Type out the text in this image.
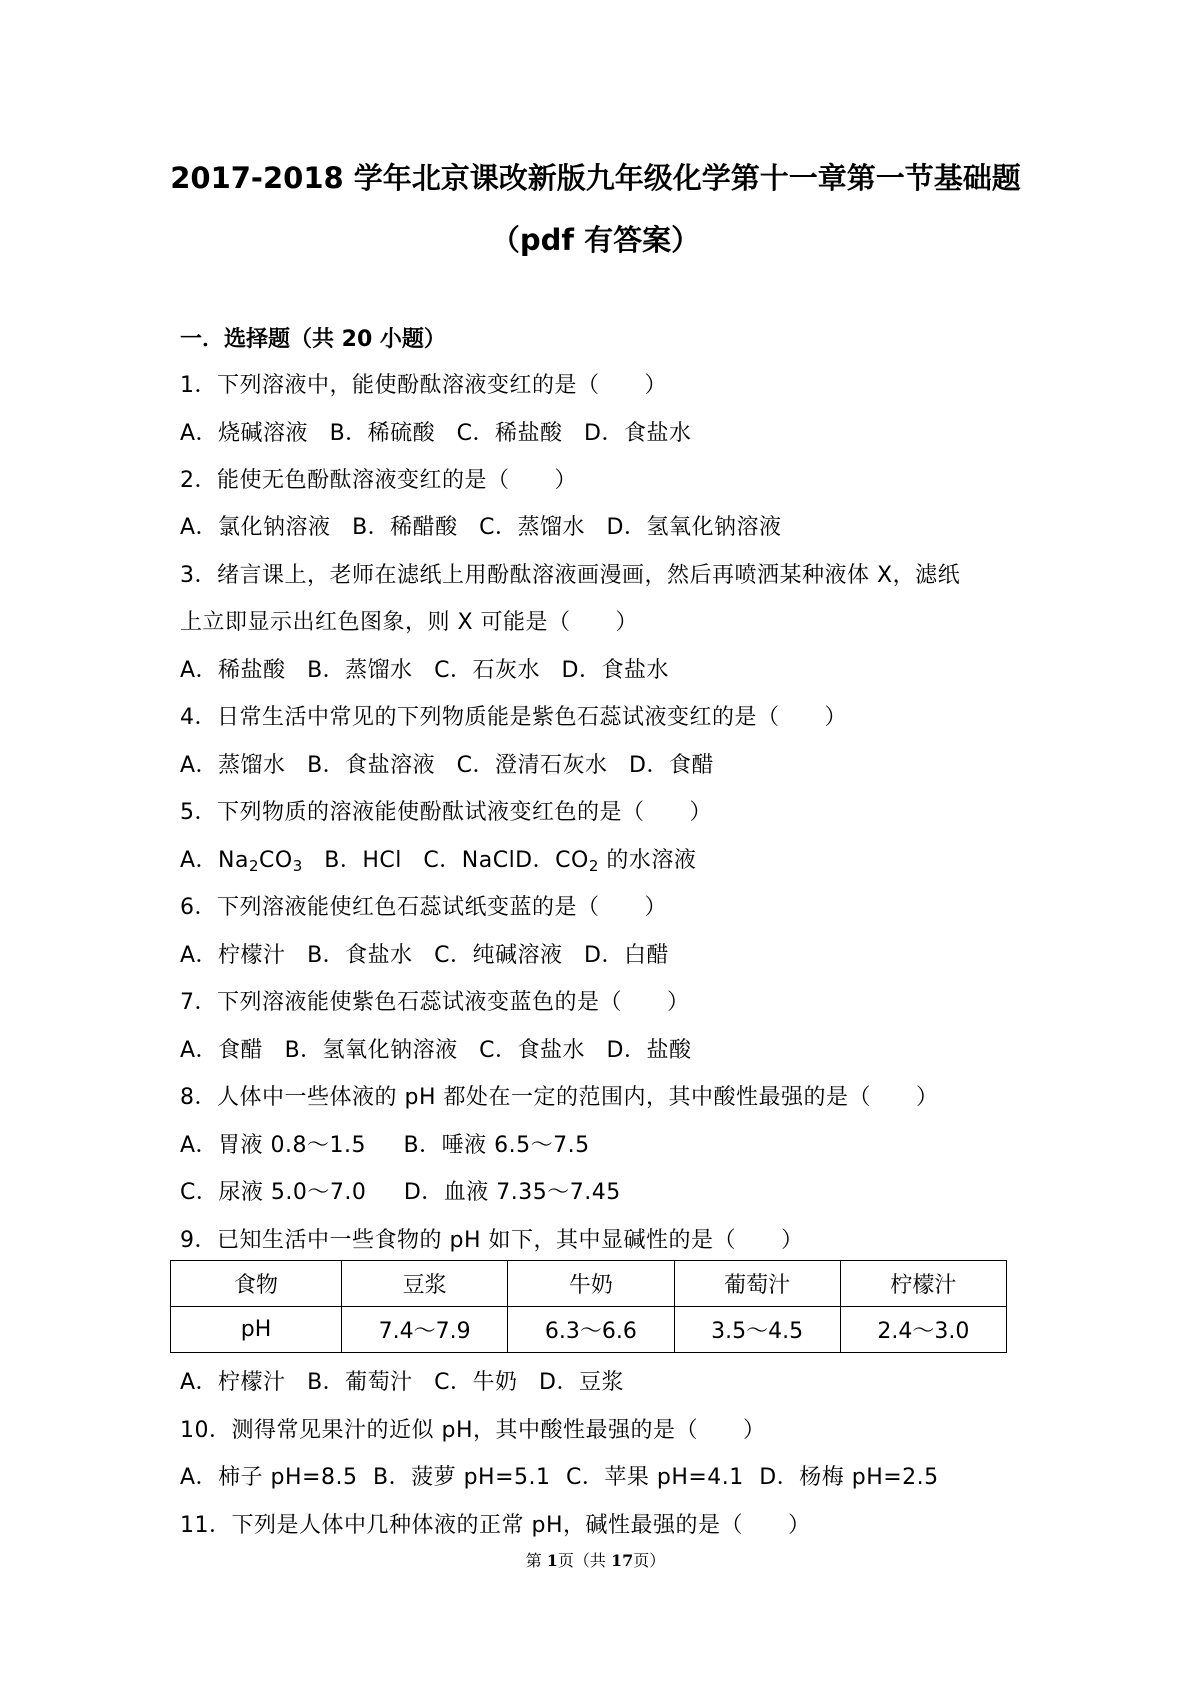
2017-2018 学年北京课改新版九年级化学第十一章第一节基础题
（pdf 有答案）
一．选择题（共 20 小题）
1．下列溶液中，能使酚酞溶液变红的是（　　）
A．烧碱溶液 B．稀硫酸 C．稀盐酸 D．食盐水
2．能使无色酚酞溶液变红的是（　　）
A．氯化钠溶液 B．稀醋酸 C．蒸馏水 D．氢氧化钠溶液
3．绪言课上，老师在滤纸上用酚酞溶液画漫画，然后再喷洒某种液体 X，滤纸
上立即显示出红色图象，则 X 可能是（　　）
A．稀盐酸 B．蒸馏水 C．石灰水 D．食盐水
4．日常生活中常见的下列物质能是紫色石蕊试液变红的是（　　）
A．蒸馏水 B．食盐溶液 C．澄清石灰水 D．食醋
5．下列物质的溶液能使酚酞试液变红色的是（　　）
A．$Na_2CO_3$ B．HCl C．NaClD．$CO_2$ 的水溶液
6．下列溶液能使红色石蕊试纸变蓝的是（　　）
A．柠檬汁 B．食盐水 C．纯碱溶液 D．白醋
7．下列溶液能使紫色石蕊试液变蓝色的是（　　）
A．食醋 B．氢氧化钠溶液 C．食盐水 D．盐酸
8．人体中一些体液的 pH 都处在一定的范围内，其中酸性最强的是（　　）
A．胃液 0.8～1.5 B．唾液 6.5～7.5
C．尿液 5.0～7.0 D．血液 7.35～7.45
9．已知生活中一些食物的 pH 如下，其中显碱性的是（　　）
食物	豆浆	牛奶	葡萄汁	柠檬汁
pH	7.4～7.9	6.3～6.6	3.5～4.5	2.4～3.0
A．柠檬汁 B．葡萄汁 C．牛奶 D．豆浆
10．测得常见果汁的近似 pH，其中酸性最强的是（　　）
A．柿子 pH=8.5 B．菠萝 pH=5.1 C．苹果 pH=4.1 D．杨梅 pH=2.5
11．下列是人体中几种体液的正常 pH，碱性最强的是（　　）
第 1页（共 17页）
